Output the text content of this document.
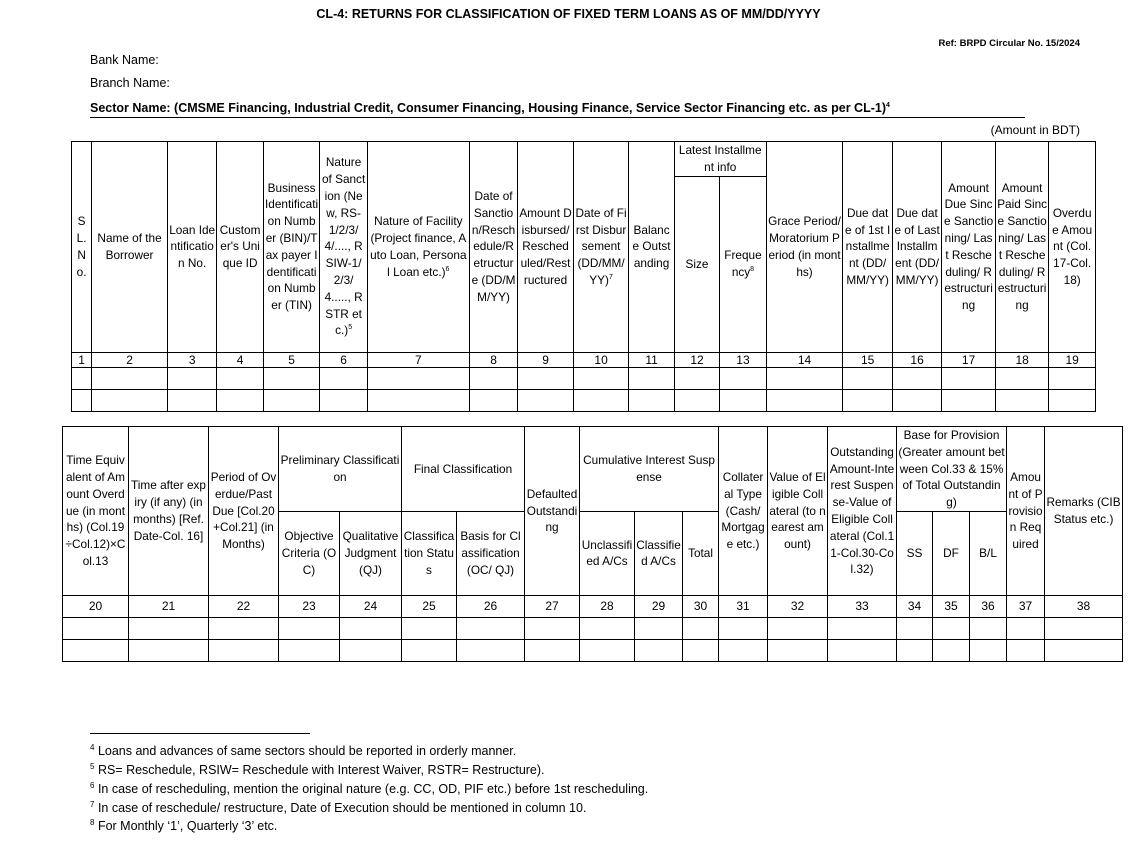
CL-4: RETURNS FOR CLASSIFICATION OF FIXED TERM LOANS AS OF MM/DD/YYYY
Ref: BRPD Circular No. 15/2024
Bank Name:
Branch Name:
Sector Name: (CMSME Financing, Industrial Credit, Consumer Financing, Housing Finance, Service Sector Financing etc. as per CL-1)$^4$
(Amount in BDT)
SL. No.	Name of the Borrower	Loan Identification No.	Customer's Unique ID	Business Identification Number (BIN)/Tax payer Identification Number (TIN)	Nature of Sanction (New, RS-1/2/3/4/...., RSIW-1/2/3/4....., RSTR etc.)$^5$	Nature of Facility (Project finance, Auto Loan, Personal Loan etc.)$^6$	Date of Sanction/Reschedule/Retructure (DD/MM/YY)	Amount Disbursed/Rescheduled/Restructured	Date of First Disbursement $(DD/MM/YY)^7$	Balance Outstanding	Latest Installment info		Grace Period/ Moratorium Period (in months)	Due date of 1st Installment (DD/MM/YY)	Due date of Last Installment (DD/MM/YY)	Amount Due Since Sanctioning/ Last Rescheduling/ Restructuring	Amount Paid Since Sanctioning/ Last Rescheduling/ Restructuring	Overdue Amount (Col.17-Col.18)
											Size	Frequency$^8$
1	2	3	4	5	6	7	8	9	10	11	12	13	14	15	16	17	18	19

Time Equivalent of Amount Overdue (in months) (Col.19÷Col.12)×Col.13	Time after expiry (if any) (in months) [Ref. Date-Col. 16]	Period of Overdue/Past Due [Col.20+Col.21] (in Months)	Preliminary Classification		Final Classification		Defaulted Outstanding	Cumulative Interest Suspense			Collateral Type (Cash/ Mortgage etc.)	Value of Eligible Collateral (to nearest amount)	Outstanding Amount-Interest Suspense-Value of Eligible Collateral (Col.11-Col.30-Col.32)	Base for Provision (Greater amount between Col.33 & 15% of Total Outstanding)			Amount of Provision Required	Remarks (CIB Status etc.)
			Objective Criteria (OC)	Qualitative Judgment(QJ)	Classification Status	Basis for Classification (OC/ QJ)		Unclassified A/Cs	Classified A/Cs	Total				SS	DF	B/L		
20	21	22	23	24	25	26	27	28	29	30	31	32	33	34	35	36	37	38

$^4$ Loans and advances of same sectors should be reported in orderly manner.
$^5$ RS= Reschedule, RSIW= Reschedule with Interest Waiver, RSTR= Restructure).
$^6$ In case of rescheduling, mention the original nature (e.g. CC, OD, PIF etc.) before 1st rescheduling.
$^7$ In case of reschedule/ restructure, Date of Execution should be mentioned in column 10.
$^8$ For Monthly ‘1’, Quarterly ‘3’ etc.
